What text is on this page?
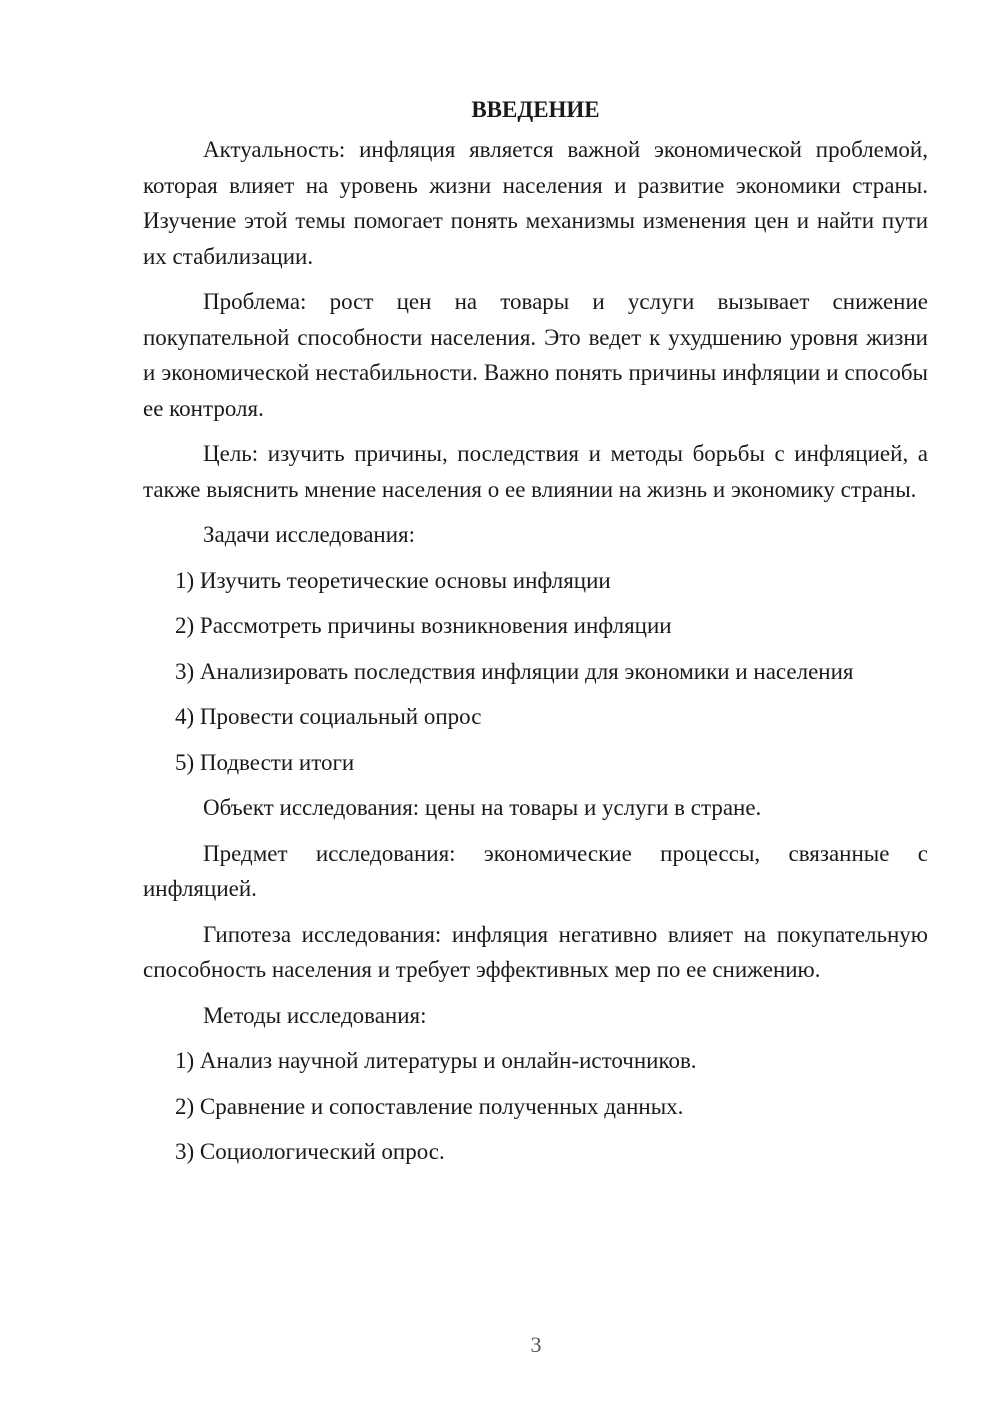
ВВЕДЕНИЕ

Актуальность: инфляция является важной экономической проблемой, которая влияет на уровень жизни населения и развитие экономики страны. Изучение этой темы помогает понять механизмы изменения цен и найти пути их стабилизации.

Проблема: рост цен на товары и услуги вызывает снижение покупательной способности населения. Это ведет к ухудшению уровня жизни и экономической нестабильности. Важно понять причины инфляции и способы ее контроля.

Цель: изучить причины, последствия и методы борьбы с инфляцией, а также выяснить мнение населения о ее влиянии на жизнь и экономику страны.

Задачи исследования:
1) Изучить теоретические основы инфляции
2) Рассмотреть причины возникновения инфляции
3) Анализировать последствия инфляции для экономики и населения
4) Провести социальный опрос
5) Подвести итоги

Объект исследования: цены на товары и услуги в стране.

Предмет исследования: экономические процессы, связанные с инфляцией.

Гипотеза исследования: инфляция негативно влияет на покупательную способность населения и требует эффективных мер по ее снижению.

Методы исследования:
1) Анализ научной литературы и онлайн-источников.
2) Сравнение и сопоставление полученных данных.
3) Социологический опрос.
3
